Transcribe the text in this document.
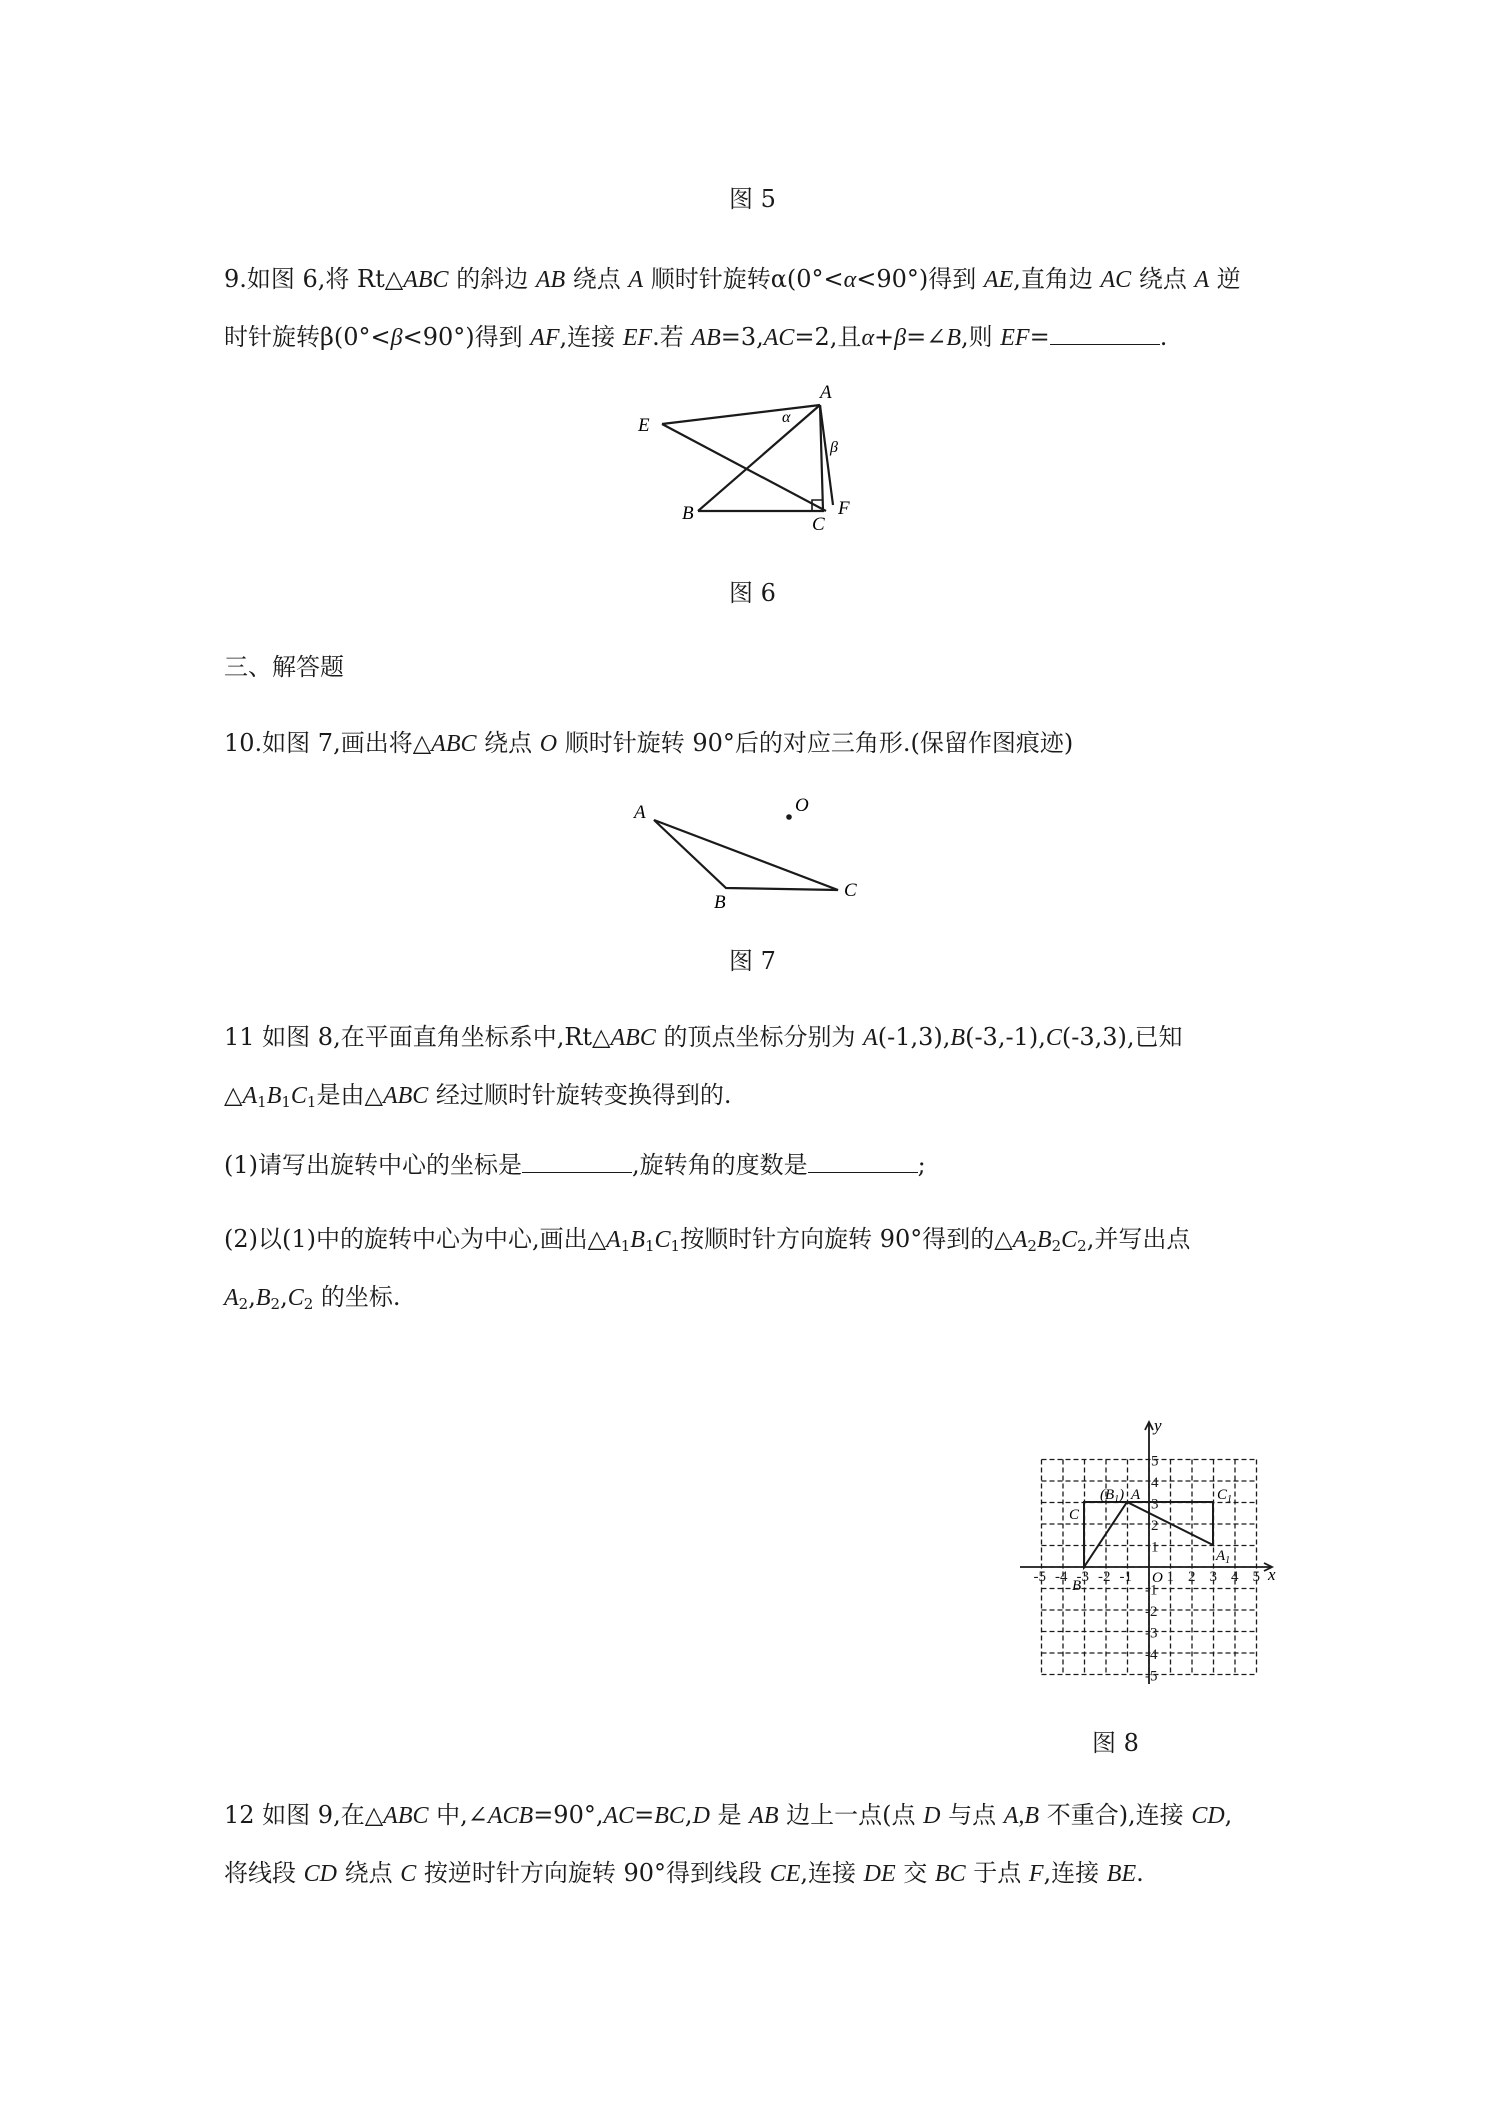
图 5
9.如图 6,将 Rt△ABC 的斜边 AB 绕点 A 顺时针旋转α(0°<α<90°)得到 AE,直角边 AC 绕点 A 逆
时针旋转β(0°<β<90°)得到 AF,连接 EF.若 AB=3,AC=2,且α+β=∠B,则 EF=	.
A
E
B
C
F
α
β
图 6
三、解答题
10.如图 7,画出将△ABC 绕点 O 顺时针旋转 90°后的对应三角形.(保留作图痕迹)
A	O
B
C
图 7
11 如图 8,在平面直角坐标系中,Rt△ABC 的顶点坐标分别为 A(-1,3),B(-3,-1),C(-3,3),已知
$\triangle A_1B_1C_1$是由△ABC 经过顺时针旋转变换得到的.
(1)请写出旋转中心的坐标是	,旋转角的度数是	;
(2)以(1)中的旋转中心为中心,画出$\triangle A_1B_1C_1$按顺时针方向旋转 90°得到的$\triangle A_2B_2C_2$,并写出点
$A_2,B_2,C_2$ 的坐标.
-5 -4 -3 -2 -1 1 2 3 4 5
5
4
3
2
1
-1
-2
-3
-4
-5
y
x
O
$(B_1)$ A
C
$C_1$
$A_1$
B
图 8
12 如图 9,在△ABC 中,∠ACB=90°,AC=BC,D 是 AB 边上一点(点 D 与点 A,B 不重合),连接 CD,
将线段 CD 绕点 C 按逆时针方向旋转 90°得到线段 CE,连接 DE 交 BC 于点 F,连接 BE.
